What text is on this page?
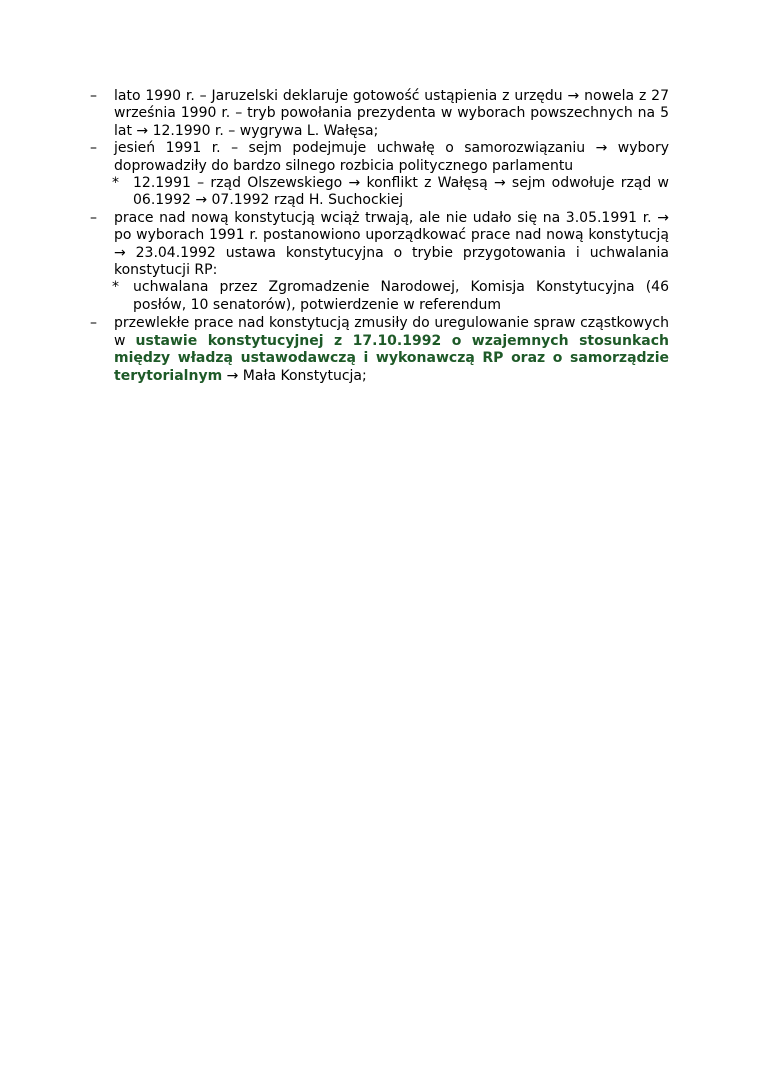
–	lato 1990 r. – Jaruzelski deklaruje gotowość ustąpienia z urzędu → nowela z 27 września 1990 r. – tryb powołania prezydenta w wyborach powszechnych na 5 lat → 12.1990 r. – wygrywa L. Wałęsa;
–	jesień 1991 r. – sejm podejmuje uchwałę o samorozwiązaniu → wybory doprowadziły do bardzo silnego rozbicia politycznego parlamentu
*	12.1991 – rząd Olszewskiego → konflikt z Wałęsą → sejm odwołuje rząd w 06.1992 → 07.1992 rząd H. Suchockiej
–	prace nad nową konstytucją wciąż trwają, ale nie udało się na 3.05.1991 r. → po wyborach 1991 r. postanowiono uporządkować prace nad nową konstytucją → 23.04.1992 ustawa konstytucyjna o trybie przygotowania i uchwalania konstytucji RP:
*	uchwalana przez Zgromadzenie Narodowej, Komisja Konstytucyjna (46 posłów, 10 senatorów), potwierdzenie w referendum
–	przewlekłe prace nad konstytucją zmusiły do uregulowanie spraw cząstkowych w ustawie konstytucyjnej z 17.10.1992 o wzajemnych stosunkach między władzą ustawodawczą i wykonawczą RP oraz o samorządzie terytorialnym → Mała Konstytucja;
